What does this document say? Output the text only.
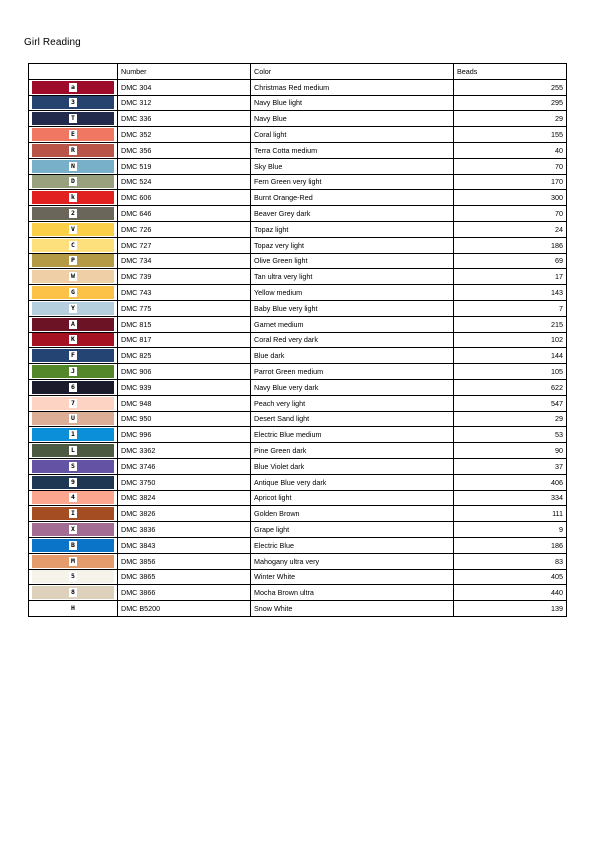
Girl Reading
	Number	Color	Beads

a	DMC 304	Christmas Red medium	255

3	DMC 312	Navy Blue light	295

T	DMC 336	Navy Blue	29

E	DMC 352	Coral light	155

R	DMC 356	Terra Cotta medium	40

N	DMC 519	Sky Blue	70

D	DMC 524	Fern Green very light	170

k	DMC 606	Burnt Orange-Red	300

2	DMC 646	Beaver Grey dark	70

V	DMC 726	Topaz light	24

C	DMC 727	Topaz very light	186

P	DMC 734	Olive Green light	69

W	DMC 739	Tan ultra very light	17

G	DMC 743	Yellow medium	143

Y	DMC 775	Baby Blue very light	7

A	DMC 815	Garnet medium	215

K	DMC 817	Coral Red very dark	102

F	DMC 825	Blue dark	144

J	DMC 906	Parrot Green medium	105

6	DMC 939	Navy Blue very dark	622

7	DMC 948	Peach very light	547

U	DMC 950	Desert Sand light	29

1	DMC 996	Electric Blue medium	53

L	DMC 3362	Pine Green dark	90

S	DMC 3746	Blue Violet dark	37

9	DMC 3750	Antique Blue very dark	406

4	DMC 3824	Apricot light	334

I	DMC 3826	Golden Brown	111

X	DMC 3836	Grape light	9

B	DMC 3843	Electric Blue	186

M	DMC 3856	Mahogany ultra very	83

5	DMC 3865	Winter White	405

8	DMC 3866	Mocha Brown ultra	440

H	DMC B5200	Snow White	139
